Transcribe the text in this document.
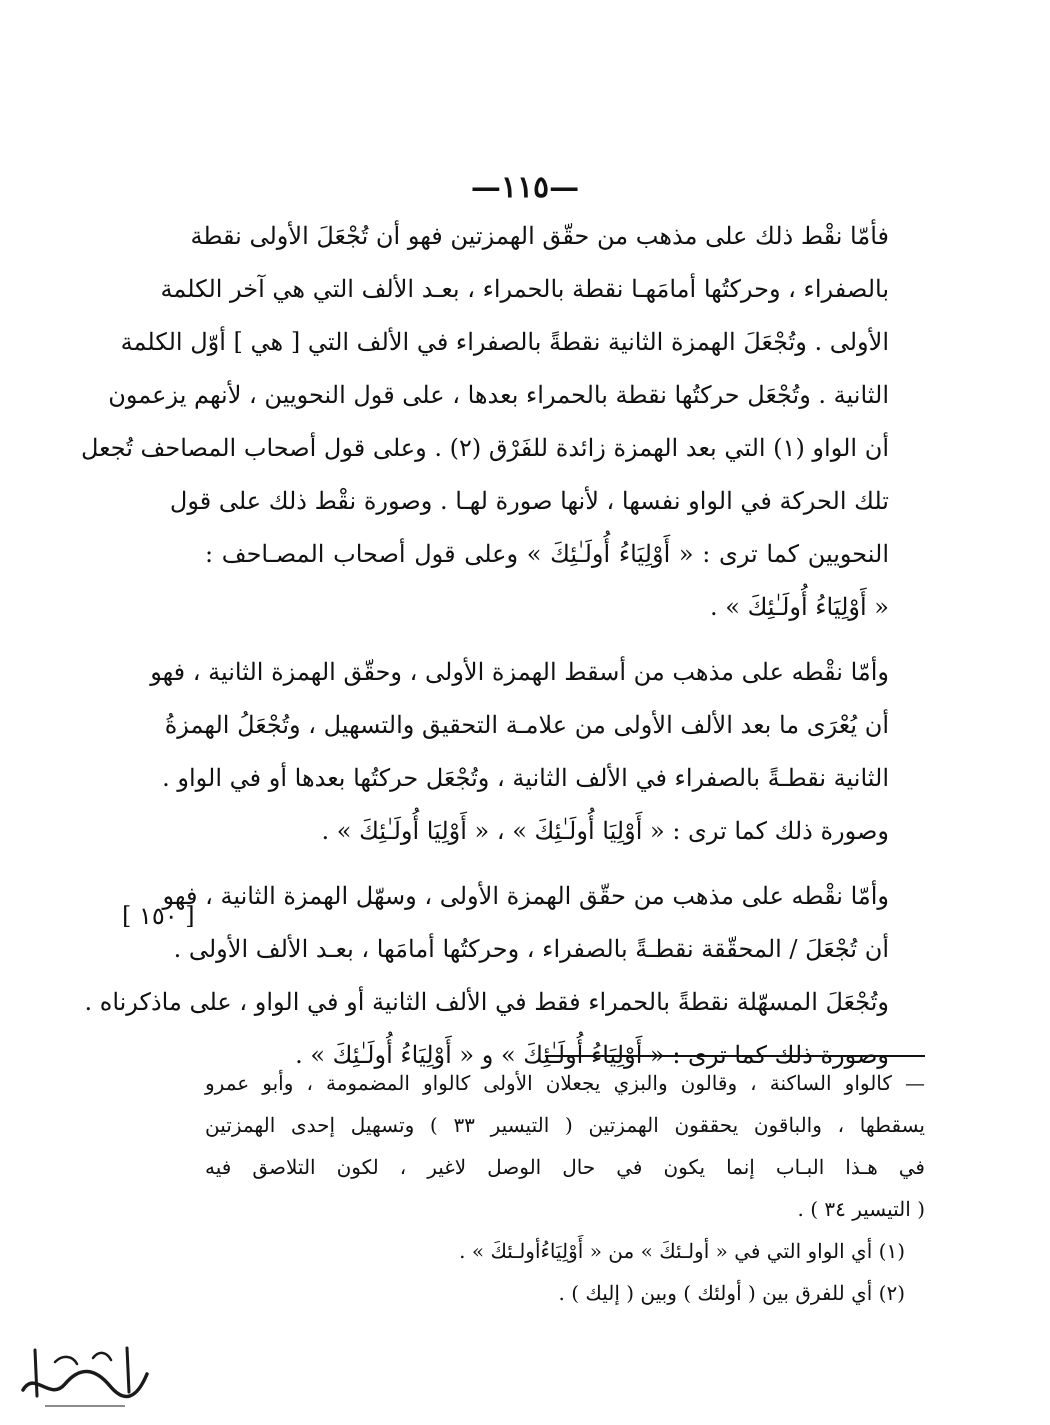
—١١٥—

فأمّا نقْط ذلك على مذهب من حقّق الهمزتين فهو أن تُجْعَلَ الأولى نقطة
بالصفراء ، وحركتُها أمامَهـا نقطة بالحمراء ، بعـد الألف التي هي آخر الكلمة
الأولى . وتُجْعَلَ الهمزة الثانية نقطةً بالصفراء في الألف التي [ هي ] أوّل الكلمة
الثانية . وتُجْعَل حركتُها نقطة بالحمراء بعدها ، على قول النحويين ، لأنهم يزعمون
أن الواو (١) التي بعد الهمزة زائدة للفَرْق (٢) . وعلى قول أصحاب المصاحف تُجعل
تلك الحركة في الواو نفسها ، لأنها صورة لهـا . وصورة نقْط ذلك على قول
النحويين كما ترى : « أَوْلِيَاءُ أُولَـٰئِكَ » وعلى قول أصحاب المصـاحف :
« أَوْلِيَاءُ أُولَـٰئِكَ » .

وأمّا نقْطه على مذهب من أسقط الهمزة الأولى ، وحقّق الهمزة الثانية ، فهو
أن يُعْرَى ما بعد الألف الأولى من علامـة التحقيق والتسهيل ، وتُجْعَلُ الهمزةُ
الثانية نقطـةً بالصفراء في الألف الثانية ، وتُجْعَل حركتُها بعدها أو في الواو .
وصورة ذلك كما ترى : « أَوْلِيَا أُولَـٰئِكَ » ، « أَوْلِيَا أُولَـٰئِكَ » .

وأمّا نقْطه على مذهب من حقّق الهمزة الأولى ، وسهّل الهمزة الثانية ، فهو
أن تُجْعَلَ / المحقّقة نقطـةً بالصفراء ، وحركتُها أمامَها ، بعـد الألف الأولى .
وتُجْعَلَ المسهّلة نقطةً بالحمراء فقط في الألف الثانية أو في الواو ، على ماذكرناه .
وصورة ذلك كما ترى : « أَوْلِيَاءُ أُولَـٰئِكَ » و « أَوْلِيَاءُ أُولَـٰئِكَ » .

[ ١٥٠ ]
— كالواو الساكنة ، وقالون والبزي يجعلان الأولى كالواو المضمومة ، وأبو عمرو
يسقطها ، والباقون يحققون الهمزتين ( التيسير ٣٣ ) وتسهيل إحدى الهمزتين
في هـذا البـاب إنما يكون في حال الوصل لاغير ، لكون التلاصق فيه
( التيسير ٣٤ ) .
(١) أي الواو التي في « أولـئكَ » من « أَوْلِيَاءُأولـئكَ » .
(٢) أي للفرق بين ( أولئك ) وبين ( إليك ) .
